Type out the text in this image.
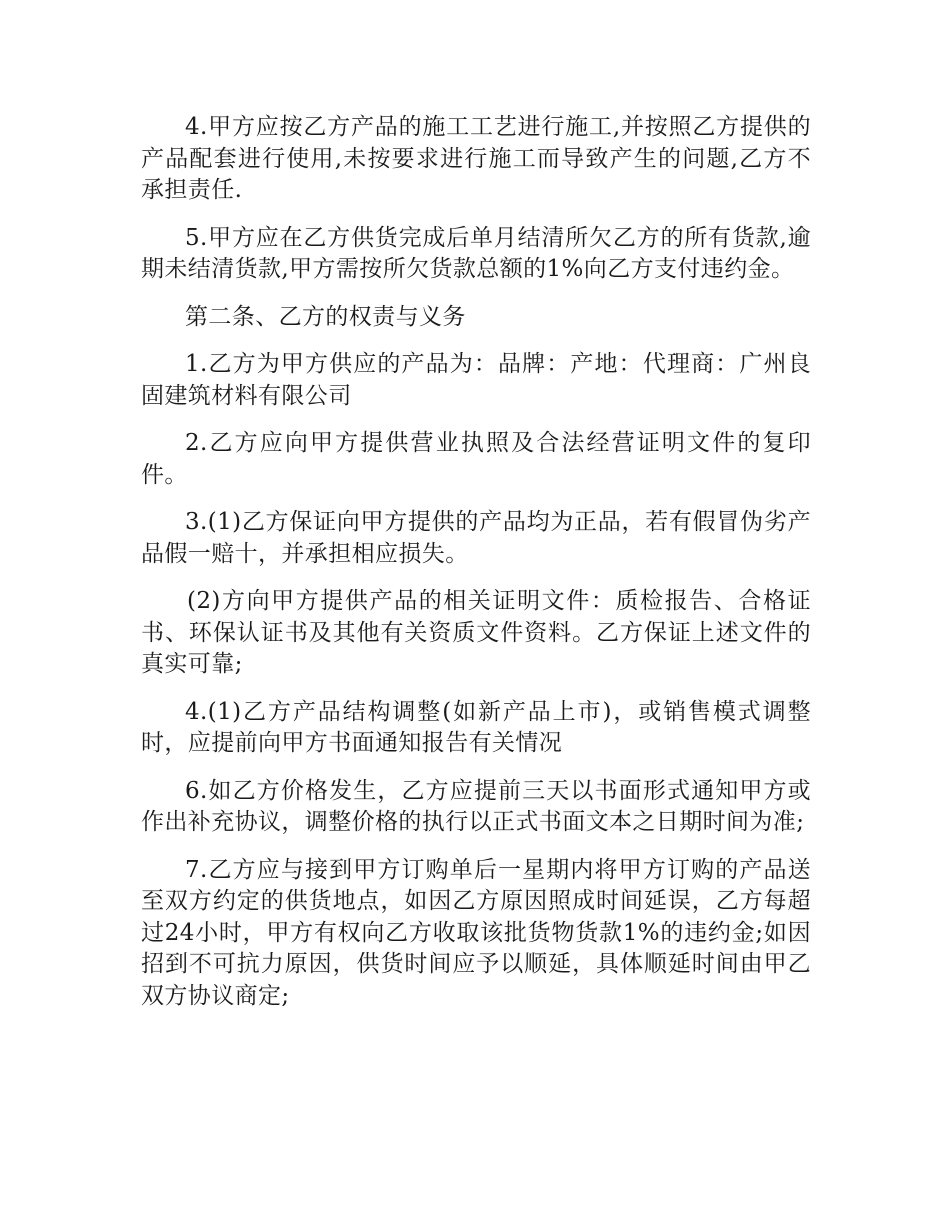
4.甲方应按乙方产品的施工工艺进行施工,并按照乙方提供的产品配套进行使用,未按要求进行施工而导致产生的问题,乙方不承担责任.

5.甲方应在乙方供货完成后单月结清所欠乙方的所有货款,逾期未结清货款,甲方需按所欠货款总额的1%向乙方支付违约金。

第二条、乙方的权责与义务

1.乙方为甲方供应的产品为：品牌：产地：代理商：广州良固建筑材料有限公司

2.乙方应向甲方提供营业执照及合法经营证明文件的复印件。

3.(1)乙方保证向甲方提供的产品均为正品，若有假冒伪劣产品假一赔十，并承担相应损失。

(2)方向甲方提供产品的相关证明文件：质检报告、合格证书、环保认证书及其他有关资质文件资料。乙方保证上述文件的真实可靠;

4.(1)乙方产品结构调整(如新产品上市)，或销售模式调整时，应提前向甲方书面通知报告有关情况

6.如乙方价格发生，乙方应提前三天以书面形式通知甲方或作出补充协议，调整价格的执行以正式书面文本之日期时间为准;

7.乙方应与接到甲方订购单后一星期内将甲方订购的产品送至双方约定的供货地点，如因乙方原因照成时间延误，乙方每超过24小时，甲方有权向乙方收取该批货物货款1%的违约金;如因招到不可抗力原因，供货时间应予以顺延，具体顺延时间由甲乙双方协议商定;
